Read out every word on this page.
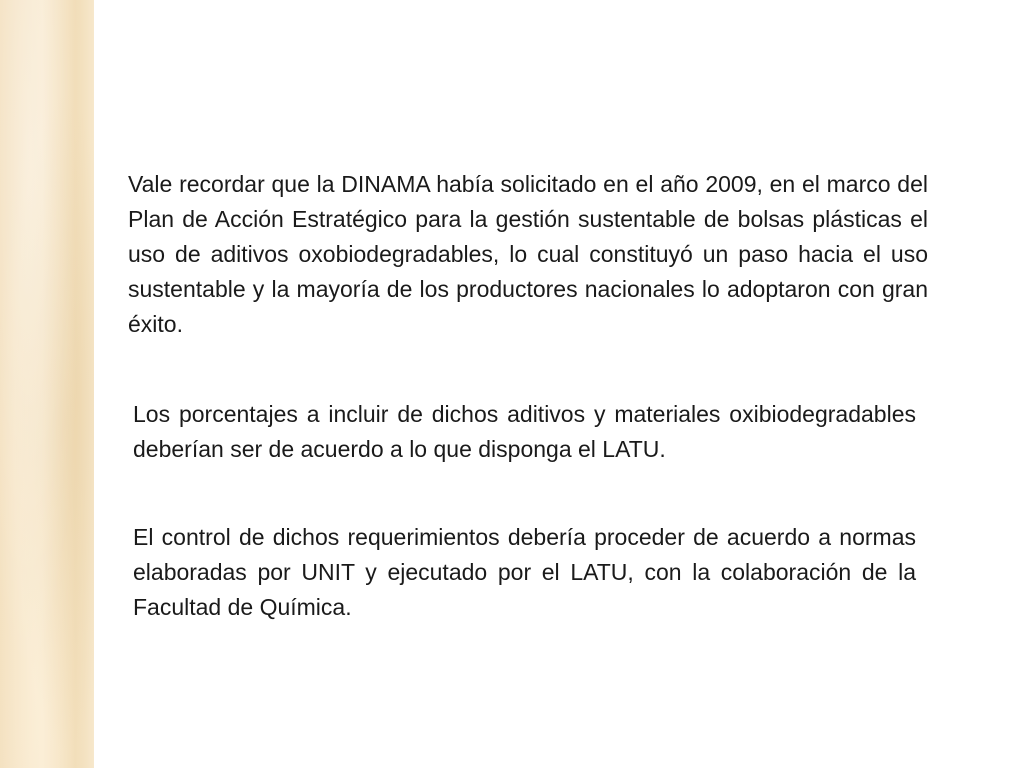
Vale recordar que la DINAMA había solicitado en el año 2009, en el marco del Plan de Acción Estratégico para la gestión sustentable de bolsas plásticas el uso de aditivos oxobiodegradables, lo cual constituyó un paso hacia el uso sustentable y la mayoría de los productores nacionales lo adoptaron con gran éxito.

Los porcentajes a incluir de dichos aditivos y materiales oxibiodegradables deberían ser de acuerdo a lo que disponga el LATU.

El control de dichos requerimientos debería proceder de acuerdo a normas elaboradas por UNIT y ejecutado por el LATU, con la colaboración de la Facultad de Química.
